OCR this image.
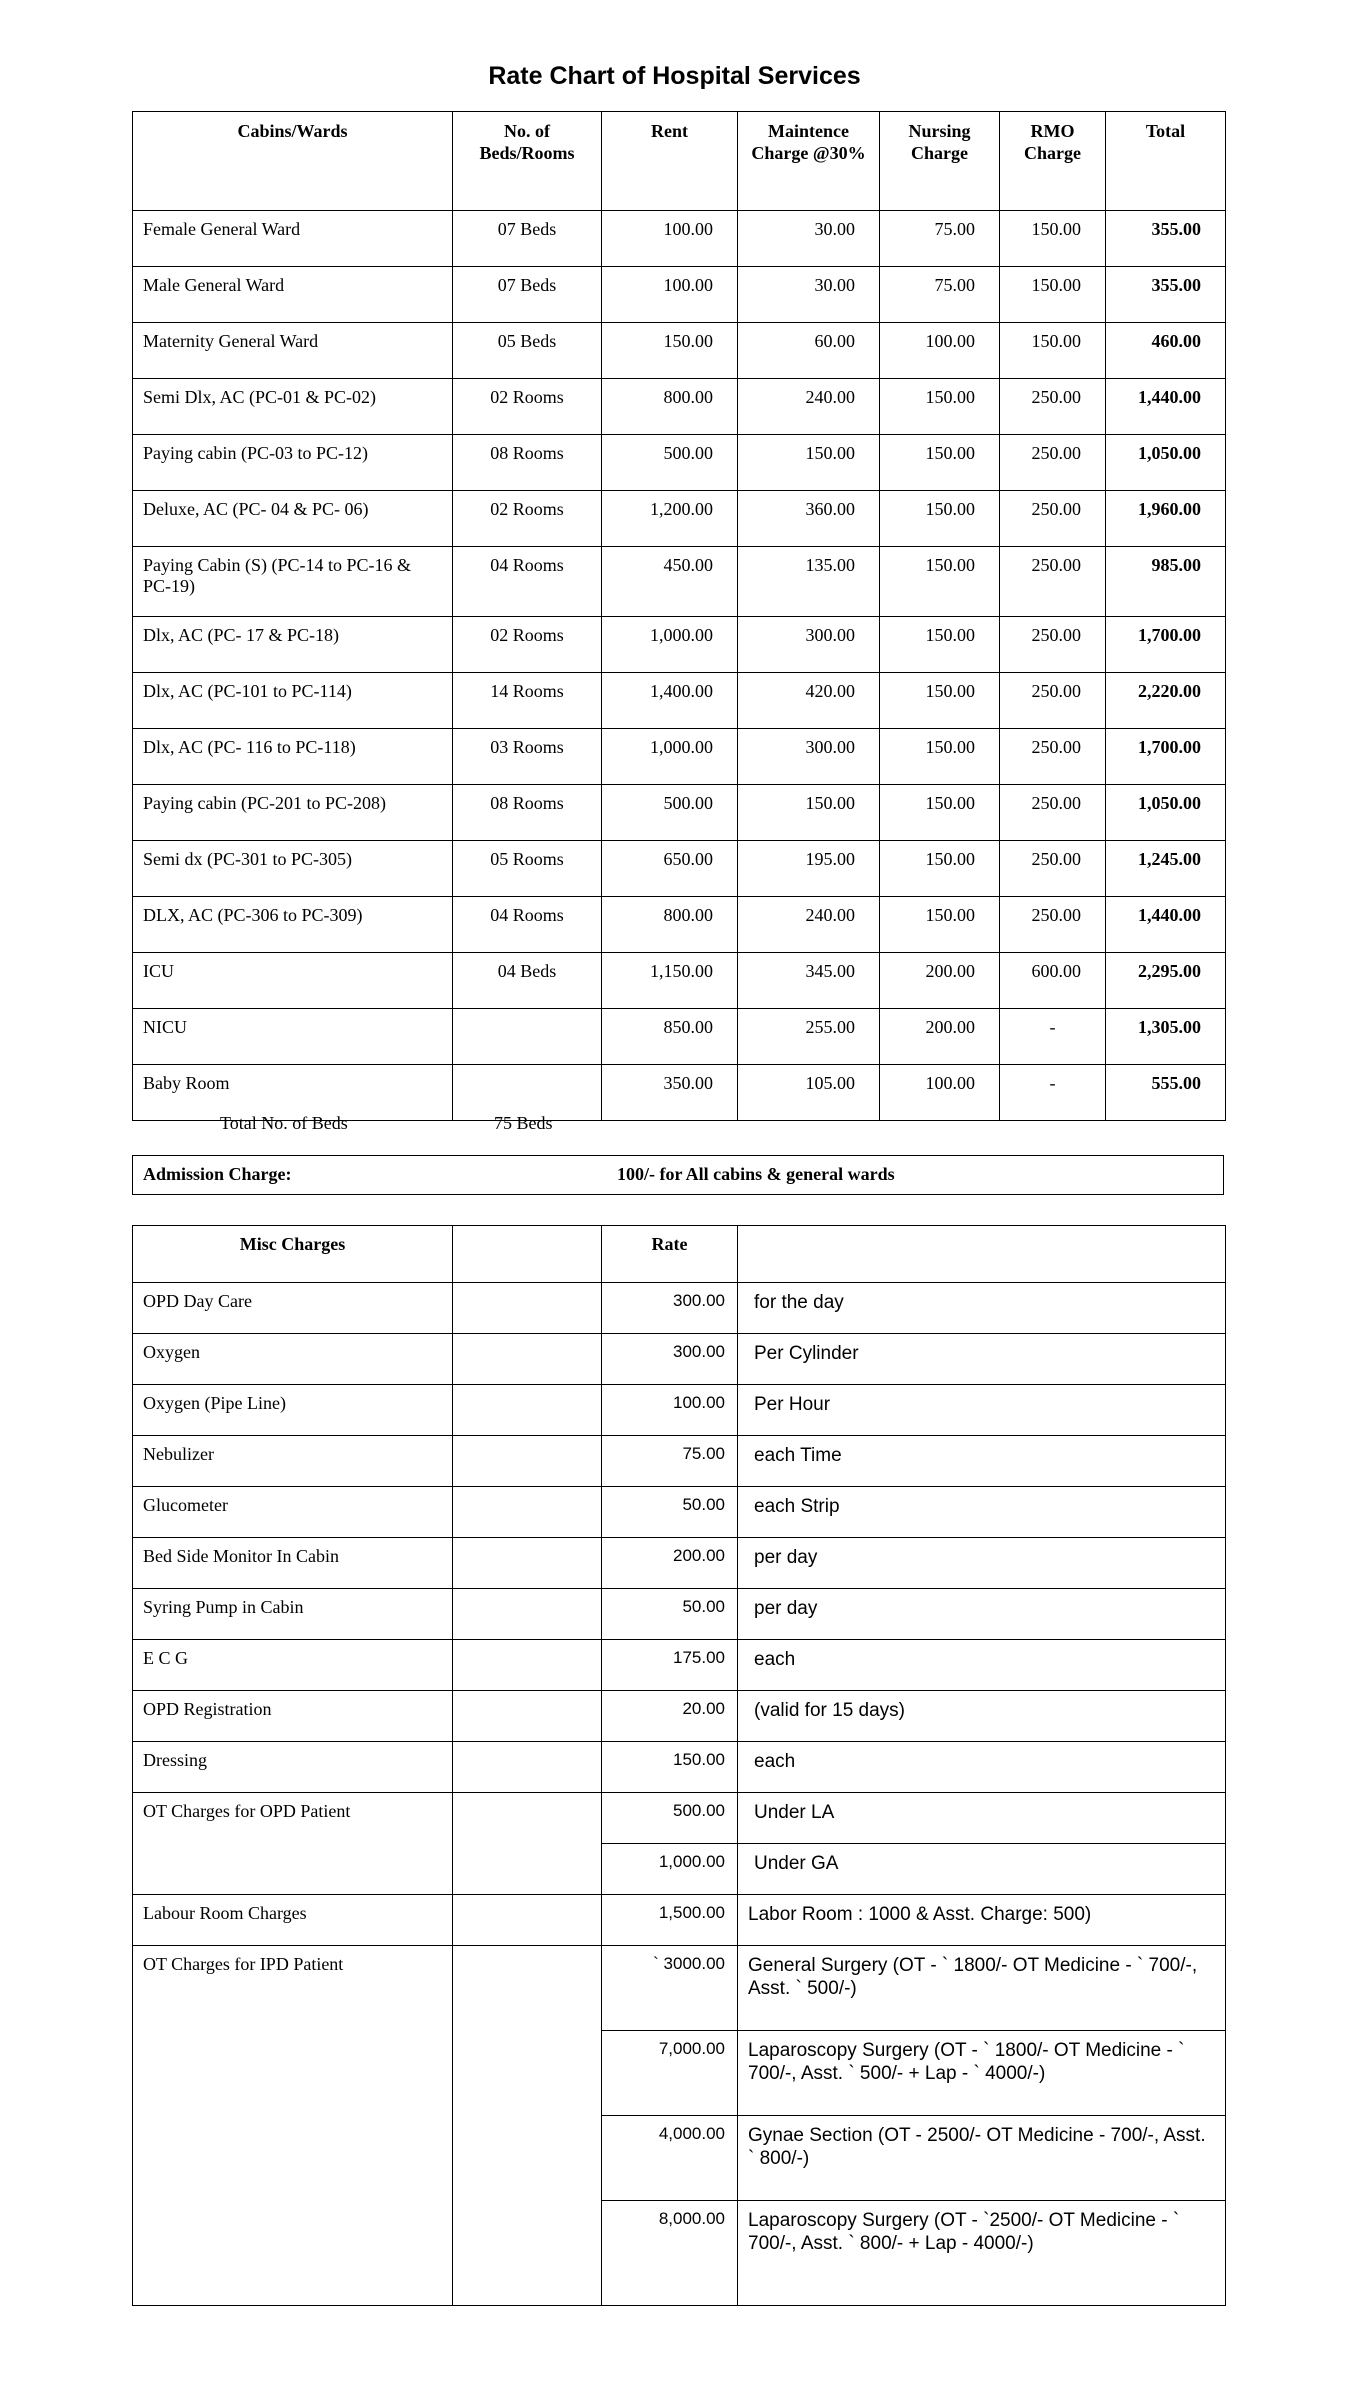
Rate Chart of Hospital Services
Cabins/Wards	No. of Beds/Rooms	Rent	Maintence Charge @30%	Nursing Charge	RMO Charge	Total
Female General Ward	07 Beds	100.00	30.00	75.00	150.00	355.00
Male General Ward	07 Beds	100.00	30.00	75.00	150.00	355.00
Maternity General Ward	05 Beds	150.00	60.00	100.00	150.00	460.00
Semi Dlx, AC (PC-01 & PC-02)	02 Rooms	800.00	240.00	150.00	250.00	1,440.00
Paying cabin (PC-03 to PC-12)	08 Rooms	500.00	150.00	150.00	250.00	1,050.00
Deluxe, AC (PC- 04 & PC- 06)	02 Rooms	1,200.00	360.00	150.00	250.00	1,960.00
Paying Cabin (S) (PC-14 to PC-16 & PC-19)	04 Rooms	450.00	135.00	150.00	250.00	985.00
Dlx, AC (PC- 17 & PC-18)	02 Rooms	1,000.00	300.00	150.00	250.00	1,700.00
Dlx, AC (PC-101 to PC-114)	14 Rooms	1,400.00	420.00	150.00	250.00	2,220.00
Dlx, AC (PC- 116 to PC-118)	03 Rooms	1,000.00	300.00	150.00	250.00	1,700.00
Paying cabin (PC-201 to PC-208)	08 Rooms	500.00	150.00	150.00	250.00	1,050.00
Semi dx (PC-301 to PC-305)	05 Rooms	650.00	195.00	150.00	250.00	1,245.00
DLX, AC (PC-306 to PC-309)	04 Rooms	800.00	240.00	150.00	250.00	1,440.00
ICU	04 Beds	1,150.00	345.00	200.00	600.00	2,295.00
NICU		850.00	255.00	200.00	-	1,305.00
Baby Room		350.00	105.00	100.00	-	555.00
Total No. of Beds	75 Beds
Admission Charge:	100/- for All cabins & general wards
Misc Charges		Rate	
OPD Day Care		300.00	for the day
Oxygen		300.00	Per Cylinder
Oxygen (Pipe Line)		100.00	Per Hour
Nebulizer		75.00	each Time
Glucometer		50.00	each Strip
Bed Side Monitor In Cabin		200.00	per day
Syring Pump in Cabin		50.00	per day
E C G		175.00	each
OPD Registration		20.00	(valid for 15 days)
Dressing		150.00	each
OT Charges for OPD Patient		500.00	Under LA
		1,000.00	Under GA
Labour Room Charges		1,500.00	Labor Room : 1000 & Asst. Charge: 500)
OT Charges for IPD Patient		` 3000.00	General Surgery (OT - ` 1800/- OT Medicine - ` 700/-, Asst. ` 500/-)
		7,000.00	Laparoscopy Surgery (OT - ` 1800/- OT Medicine - ` 700/-, Asst. ` 500/- + Lap - ` 4000/-)
		4,000.00	Gynae Section (OT - 2500/- OT Medicine - 700/-, Asst. ` 800/-)
		8,000.00	Laparoscopy Surgery (OT - `2500/- OT Medicine - ` 700/-, Asst. ` 800/- + Lap - 4000/-)
